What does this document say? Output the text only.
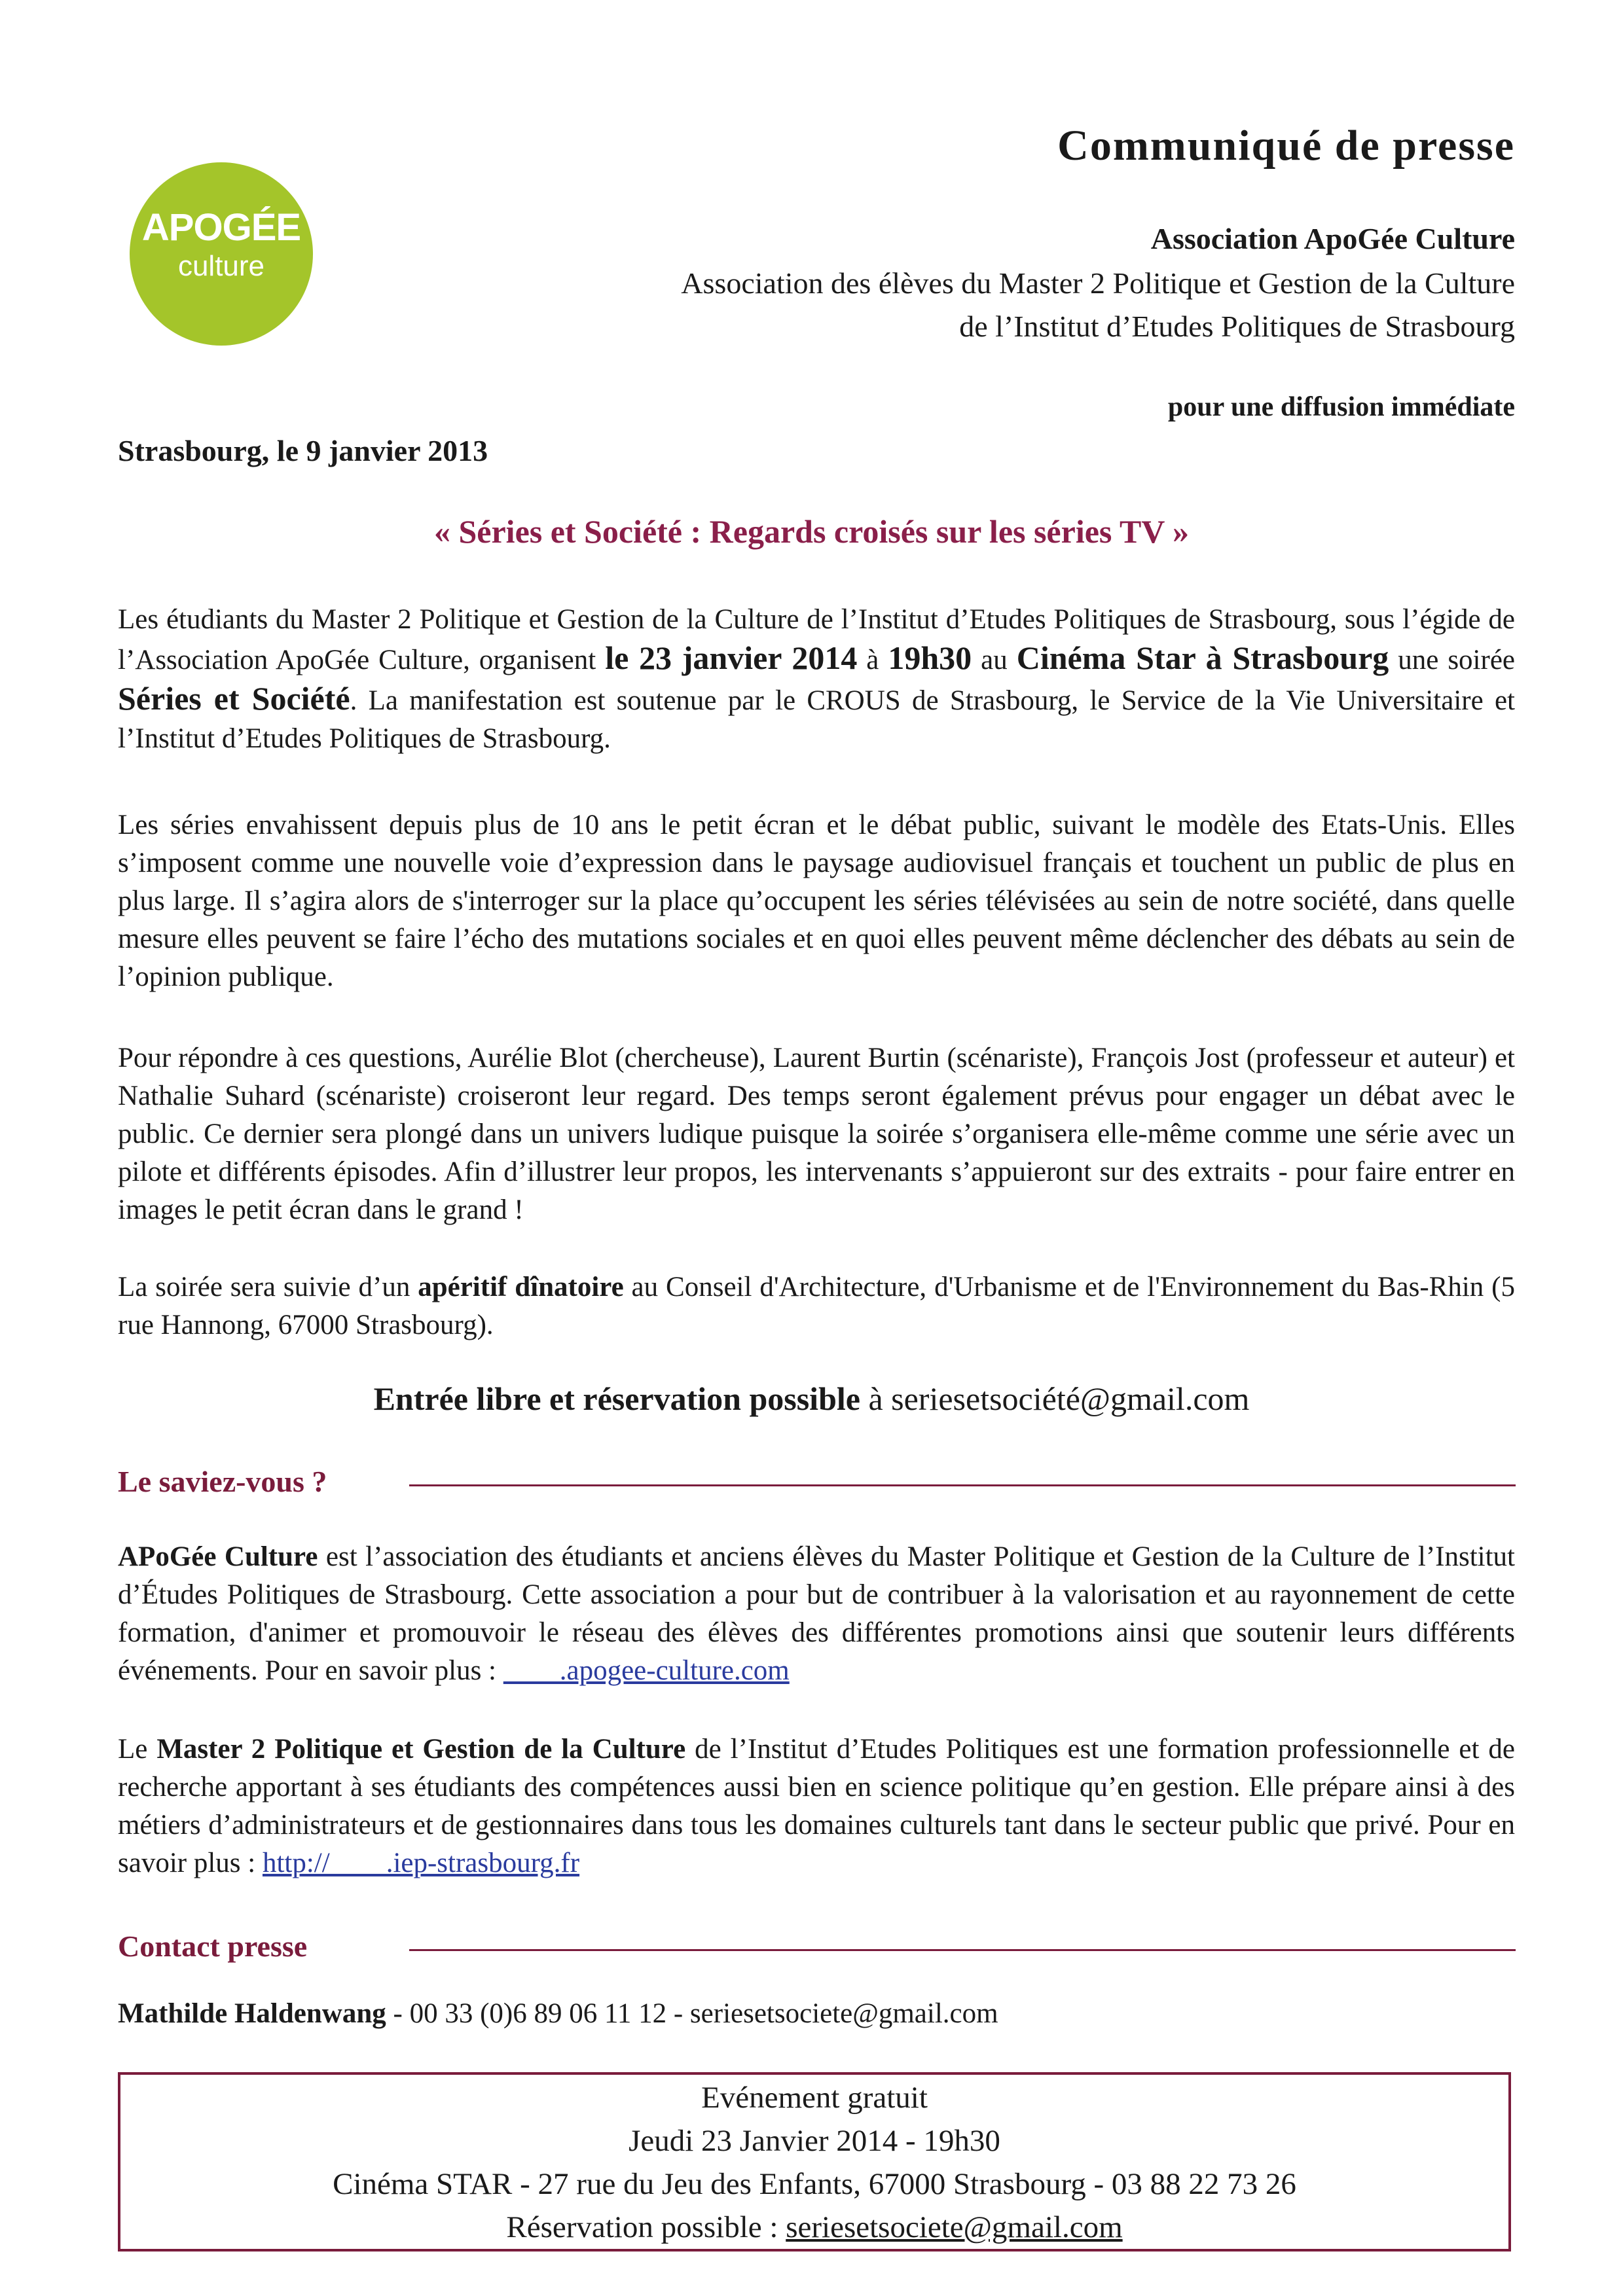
APOGÉE
culture
Communiqué de presse
Association ApoGée Culture
Association des élèves du Master 2 Politique et Gestion de la Culture
de l’Institut d’Etudes Politiques de Strasbourg
pour une diffusion immédiate
Strasbourg, le 9 janvier 2013
« Séries et Société : Regards croisés sur les séries TV »

Les étudiants du Master 2 Politique et Gestion de la Culture de l’Institut d’Etudes Politiques de Strasbourg, sous l’égide de l’Association ApoGée Culture, organisent le 23 janvier 2014 à 19h30 au Cinéma Star à Strasbourg une soirée Séries et Société. La manifestation est soutenue par le CROUS de Strasbourg, le Service de la Vie Universitaire et l’Institut d’Etudes Politiques de Strasbourg.

Les séries envahissent depuis plus de 10 ans le petit écran et le débat public, suivant le modèle des Etats-Unis. Elles s’imposent comme une nouvelle voie d’expression dans le paysage audiovisuel français et touchent un public de plus en plus large. Il s’agira alors de s'interroger sur la place qu’occupent les séries télévisées au sein de notre société, dans quelle mesure elles peuvent se faire l’écho des mutations sociales et en quoi elles peuvent même déclencher des débats au sein de l’opinion publique.

Pour répondre à ces questions, Aurélie Blot (chercheuse), Laurent Burtin (scénariste), François Jost (professeur et auteur) et Nathalie Suhard (scénariste) croiseront leur regard. Des temps seront également prévus pour engager un débat avec le public. Ce dernier sera plongé dans un univers ludique puisque la soirée s’organisera elle-même comme une série avec un pilote et différents épisodes. Afin d’illustrer leur propos, les intervenants s’appuieront sur des extraits - pour faire entrer en images le petit écran dans le grand !

La soirée sera suivie d’un apéritif dînatoire au Conseil d'Architecture, d'Urbanisme et de l'Environnement du Bas-Rhin (5 rue Hannong, 67000 Strasbourg).

Entrée libre et réservation possible à seriesetsociété@gmail.com
Le saviez-vous ?

APoGée Culture est l’association des étudiants et anciens élèves du Master Politique et Gestion de la Culture de l’Institut d’Études Politiques de Strasbourg. Cette association a pour but de contribuer à la valorisation et au rayonnement de cette formation, d'animer et promouvoir le réseau des élèves des différentes promotions ainsi que soutenir leurs différents événements. Pour en savoir plus :         .apogee-culture.com

Le Master 2 Politique et Gestion de la Culture de l’Institut d’Etudes Politiques est une formation professionnelle et de recherche apportant à ses étudiants des compétences aussi bien en science politique qu’en gestion. Elle prépare ainsi à des métiers d’administrateurs et de gestionnaires dans tous les domaines culturels tant dans le secteur public que privé. Pour en savoir plus : http://        .iep-strasbourg.fr

Contact presse
Mathilde Haldenwang - 00 33 (0)6 89 06 11 12 - seriesetsociete@gmail.com
Evénement gratuit
Jeudi 23 Janvier 2014 - 19h30
Cinéma STAR - 27 rue du Jeu des Enfants, 67000 Strasbourg - 03 88 22 73 26
Réservation possible : seriesetsociete@gmail.com
